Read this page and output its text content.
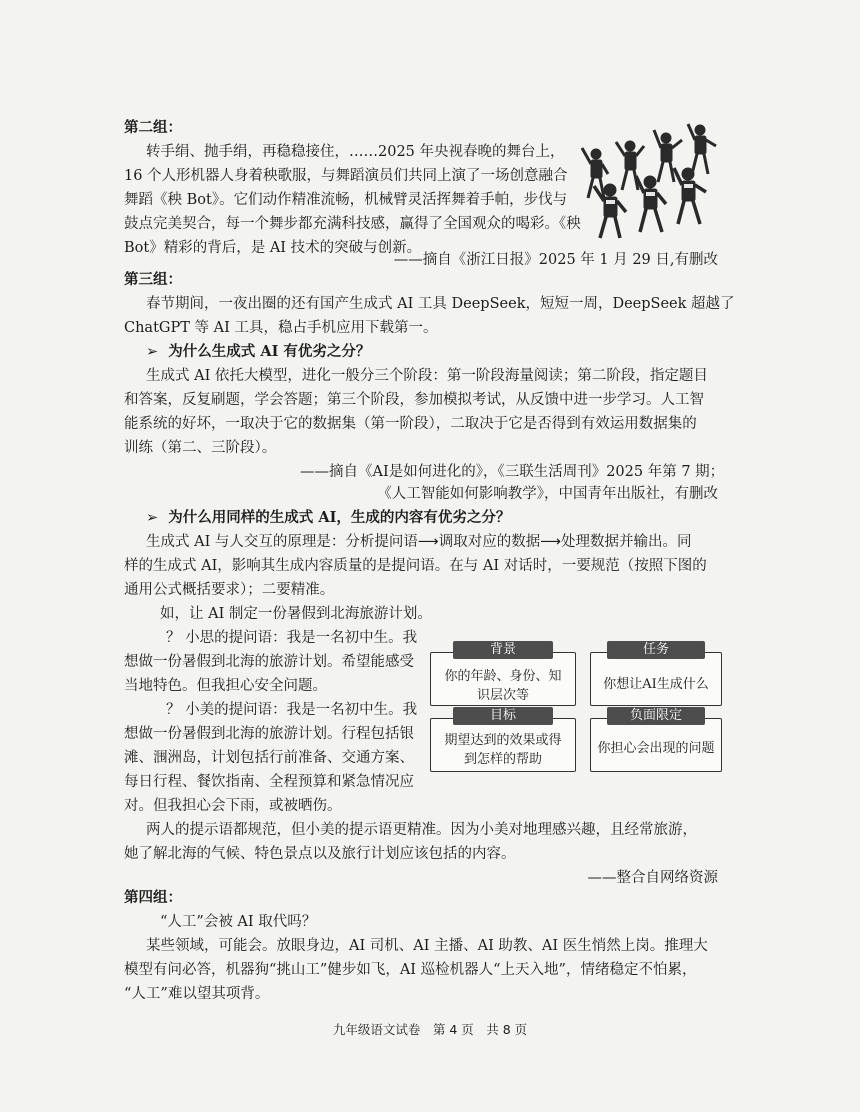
第二组：
转手绢、抛手绢，再稳稳接住，……2025 年央视春晚的舞台上，
16 个人形机器人身着秧歌服，与舞蹈演员们共同上演了一场创意融合
舞蹈《秧 Bot》。它们动作精准流畅，机械臂灵活挥舞着手帕，步伐与
鼓点完美契合，每一个舞步都充满科技感，赢得了全国观众的喝彩。《秧
Bot》精彩的背后，是 AI 技术的突破与创新。
——摘自《浙江日报》2025 年 1 月 29 日,有删改
第三组：
春节期间，一夜出圈的还有国产生成式 AI 工具 DeepSeek，短短一周，DeepSeek 超越了
ChatGPT 等 AI 工具，稳占手机应用下载第一。
➢ 为什么生成式 AI 有优劣之分？
生成式 AI 依托大模型，进化一般分三个阶段：第一阶段海量阅读；第二阶段，指定题目
和答案，反复刷题，学会答题；第三个阶段，参加模拟考试，从反馈中进一步学习。人工智
能系统的好坏，一取决于它的数据集（第一阶段），二取决于它是否得到有效运用数据集的
训练（第二、三阶段）。
——摘自《AI是如何进化的》，《三联生活周刊》2025 年第 7 期；
《人工智能如何影响教学》，中国青年出版社，有删改
➢ 为什么用同样的生成式 AI，生成的内容有优劣之分？
生成式 AI 与人交互的原理是：分析提问语⟶调取对应的数据⟶处理数据并输出。同
样的生成式 AI，影响其生成内容质量的是提问语。在与 AI 对话时，一要规范（按照下图的
通用公式概括要求）；二要精准。
如，让 AI 制定一份暑假到北海旅游计划。
？ 小思的提问语：我是一名初中生。我
想做一份暑假到北海的旅游计划。希望能感受
当地特色。但我担心安全问题。
？ 小美的提问语：我是一名初中生。我
想做一份暑假到北海的旅游计划。行程包括银
滩、涠洲岛，计划包括行前准备、交通方案、
每日行程、餐饮指南、全程预算和紧急情况应
对。但我担心会下雨，或被晒伤。
背景
你的年龄、身份、知
识层次等
任务
你想让AI生成什么
目标
期望达到的效果或得
到怎样的帮助
负面限定
你担心会出现的问题
两人的提示语都规范，但小美的提示语更精准。因为小美对地理感兴趣，且经常旅游，
她了解北海的气候、特色景点以及旅行计划应该包括的内容。
——整合自网络资源
第四组：
“人工”会被 AI 取代吗？
某些领域，可能会。放眼身边，AI 司机、AI 主播、AI 助教、AI 医生悄然上岗。推理大
模型有问必答，机器狗“挑山工”健步如飞，AI 巡检机器人“上天入地”，情绪稳定不怕累，
“人工”难以望其项背。
九年级语文试卷　第 4 页　共 8 页
